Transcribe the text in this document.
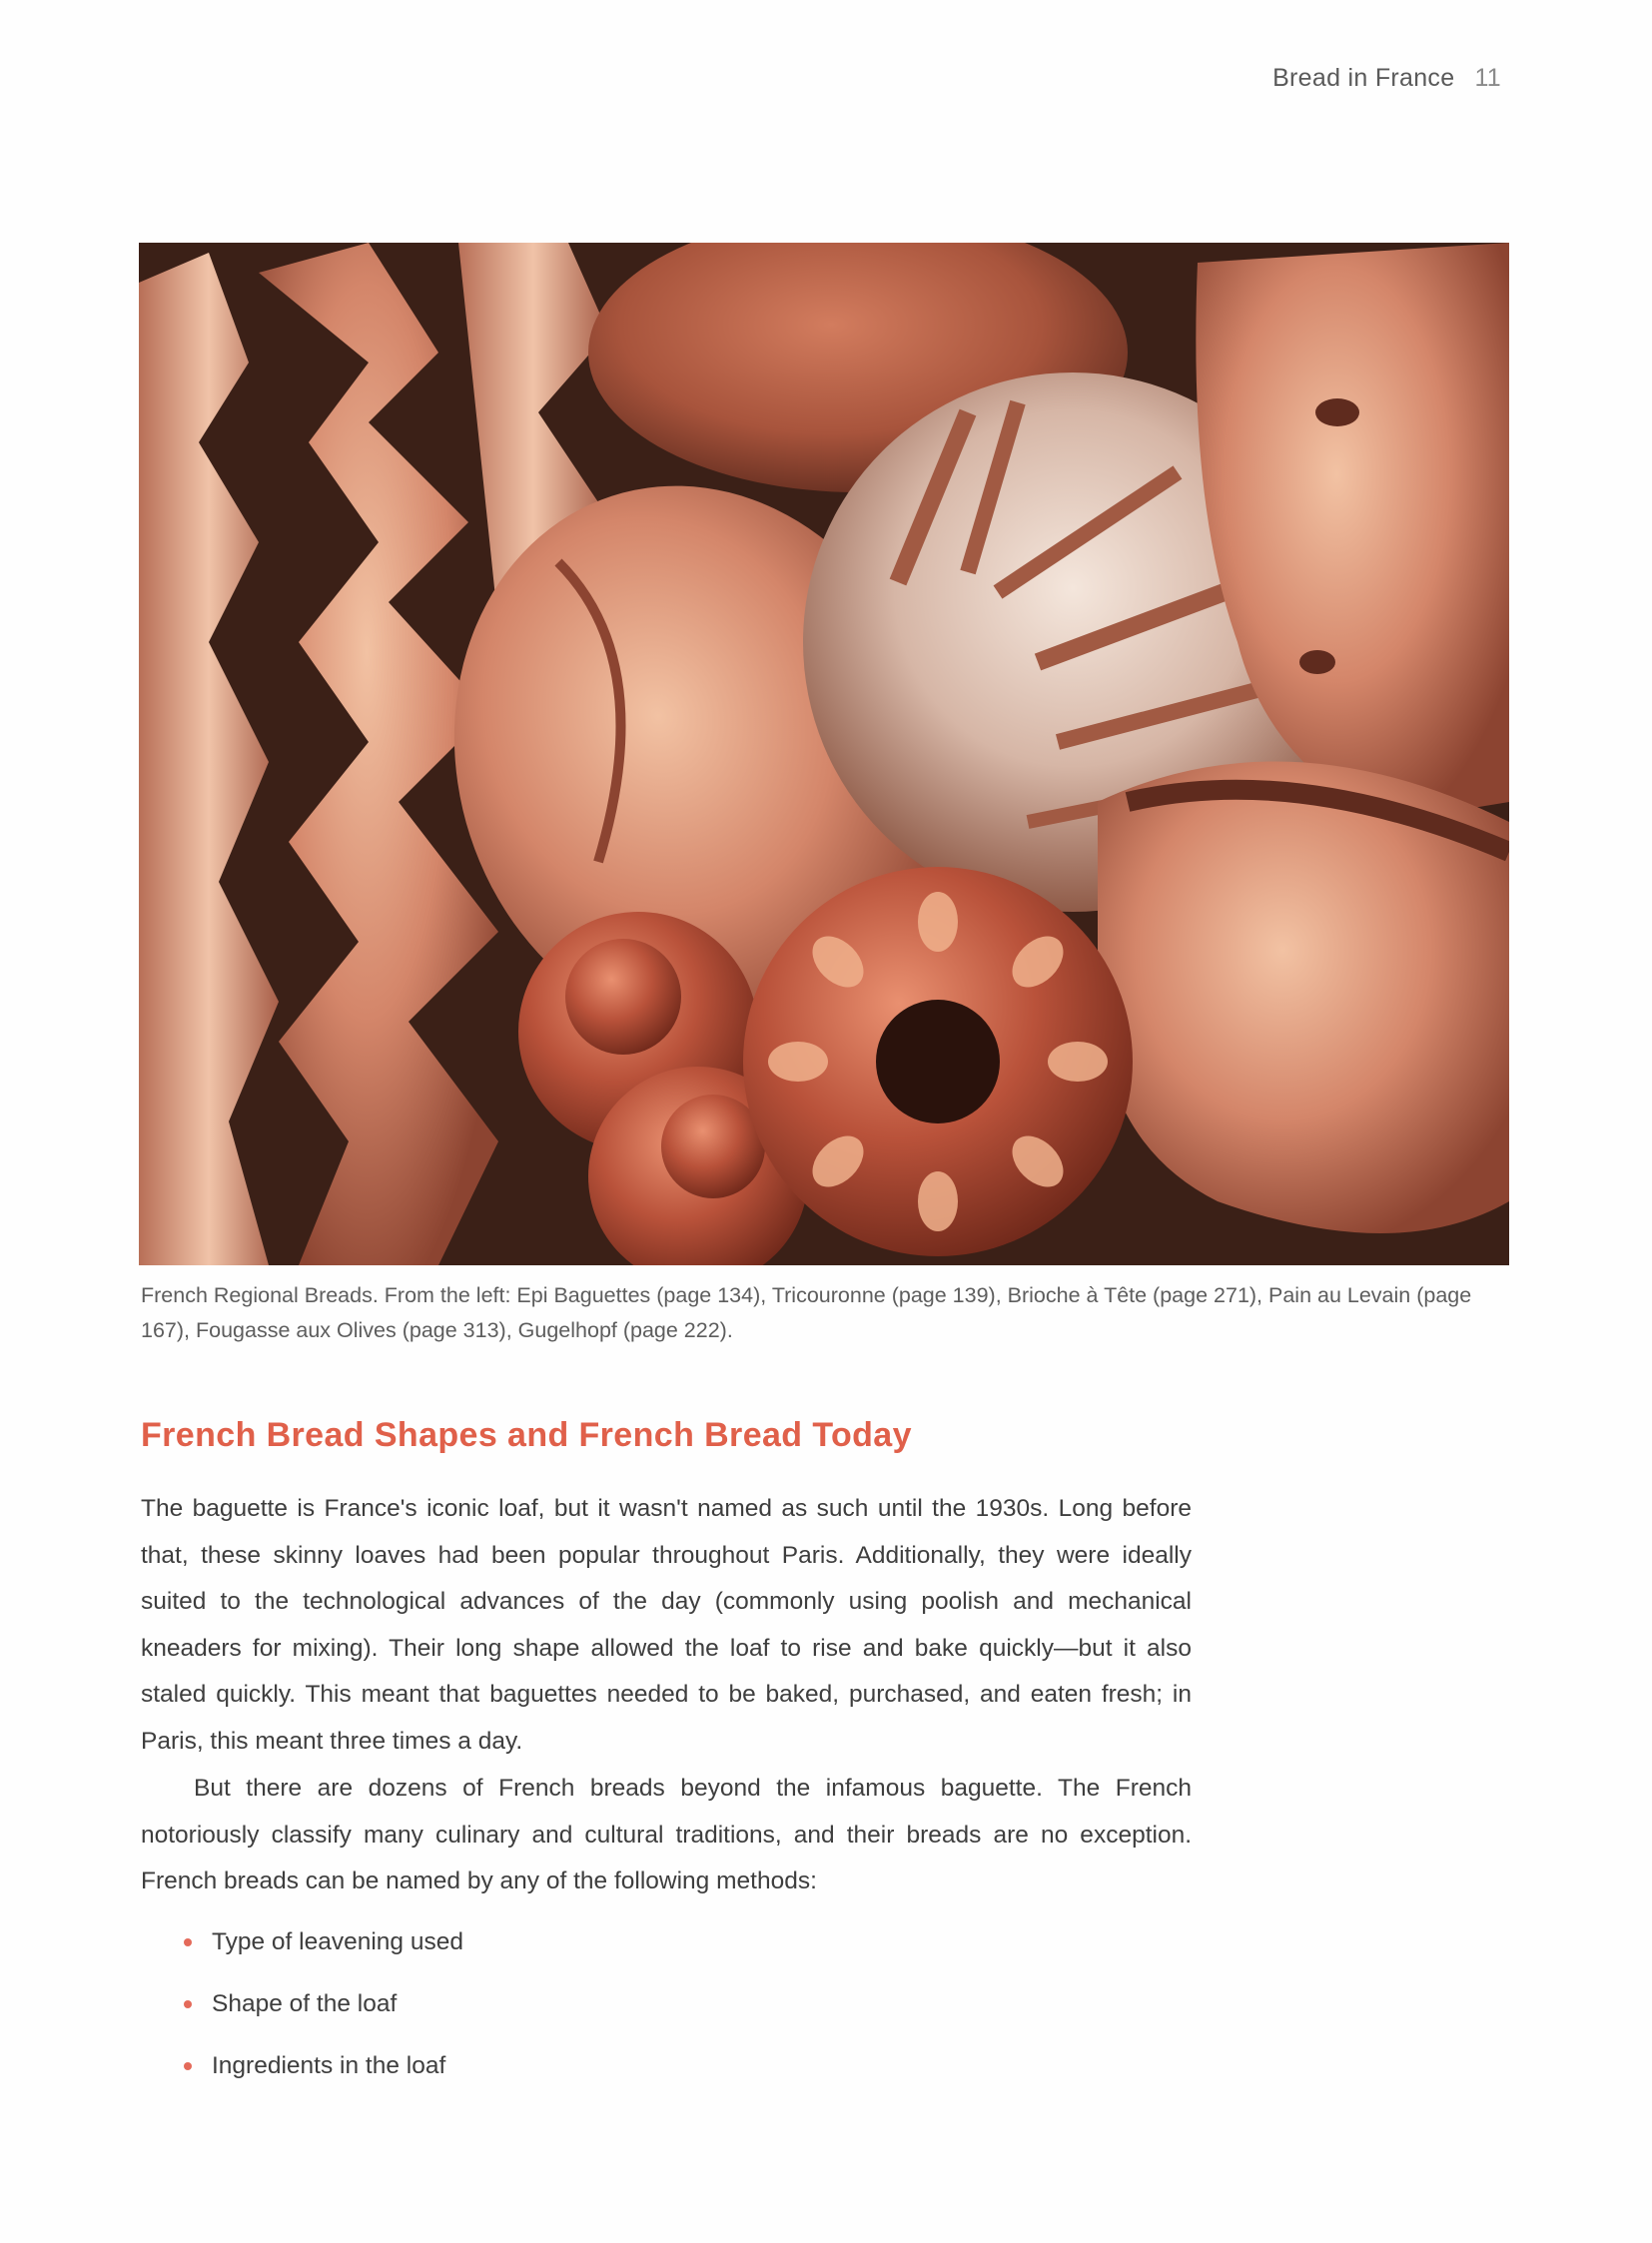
Bread in France 11
French Regional Breads. From the left: Epi Baguettes (page 134), Tricouronne (page 139), Brioche à Tête (page 271), Pain au Levain (page 167), Fougasse aux Olives (page 313), Gugelhopf (page 222).
French Bread Shapes and French Bread Today

The baguette is France's iconic loaf, but it wasn't named as such until the 1930s. Long before that, these skinny loaves had been popular throughout Paris. Additionally, they were ideally suited to the technological advances of the day (commonly using poolish and mechanical kneaders for mixing). Their long shape allowed the loaf to rise and bake quickly—but it also staled quickly. This meant that baguettes needed to be baked, purchased, and eaten fresh; in Paris, this meant three times a day.

But there are dozens of French breads beyond the infamous baguette. The French notoriously classify many culinary and cultural traditions, and their breads are no exception. French breads can be named by any of the following methods:

Type of leavening used
Shape of the loaf
Ingredients in the loaf
